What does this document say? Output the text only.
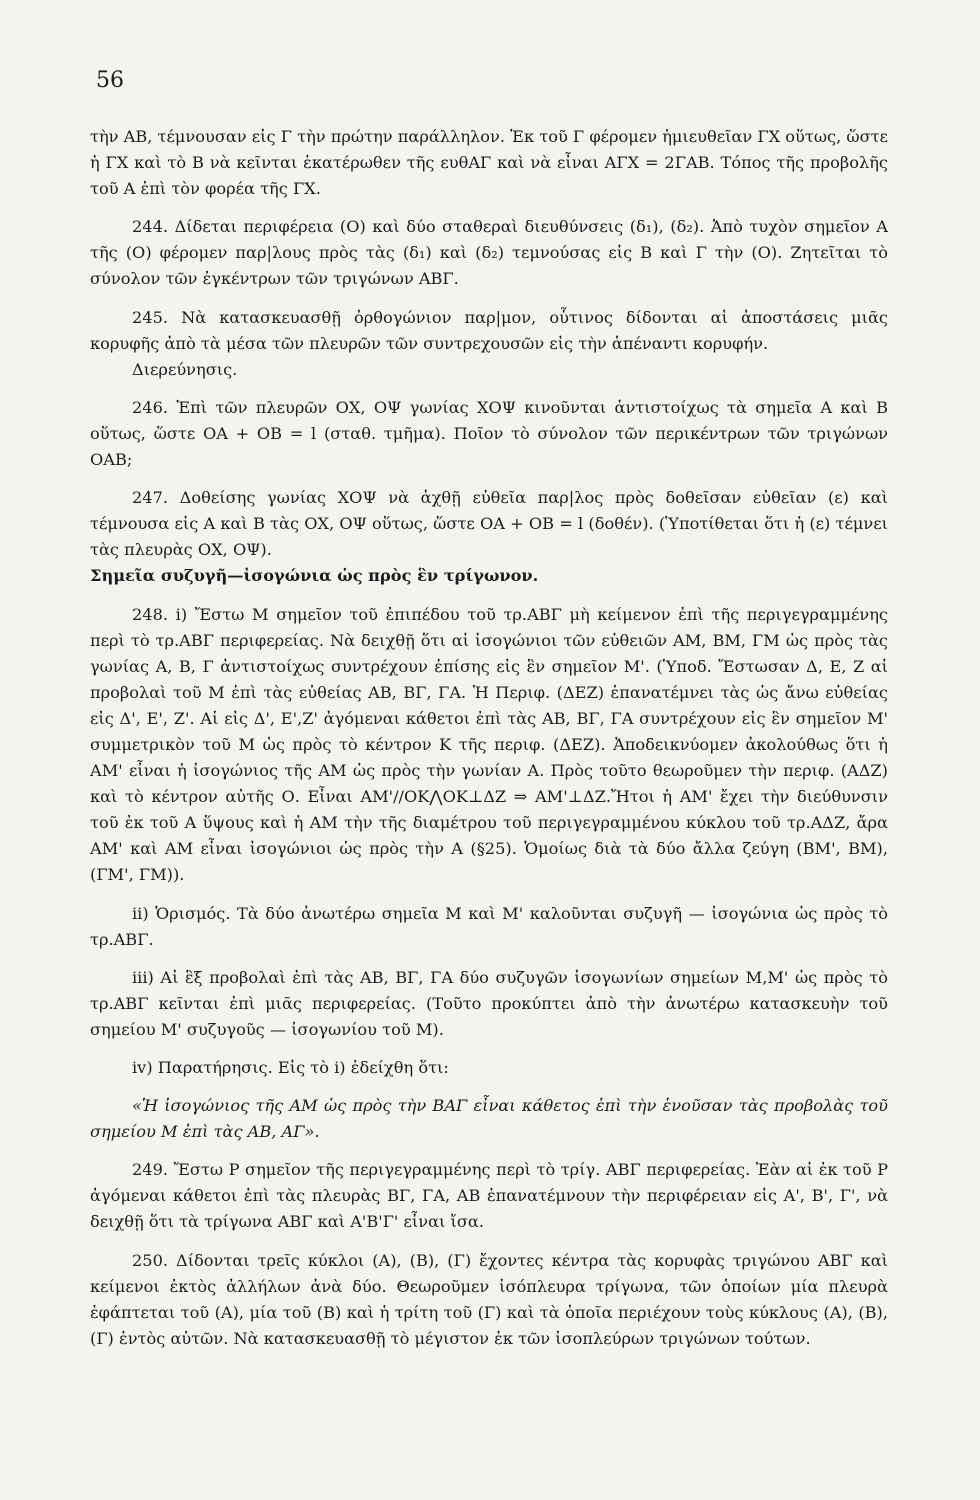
56

τὴν ΑΒ, τέμνουσαν εἰς Γ τὴν πρώτην παράλληλον. Ἐκ τοῦ Γ φέρομεν ἡμιευθεῖαν ΓΧ οὕτως, ὥστε ἡ ΓΧ καὶ τὸ Β νὰ κεῖνται ἑκατέρωθεν τῆς ευθΑΓ καὶ νὰ εἶναι ΑΓΧ = 2ΓΑΒ. Τόπος τῆς προβολῆς τοῦ Α ἐπὶ τὸν φορέα τῆς ΓΧ.

244. Δίδεται περιφέρεια (Ο) καὶ δύο σταθεραὶ διευθύνσεις (δ₁), (δ₂). Ἀπὸ τυχὸν σημεῖον Α τῆς (Ο) φέρομεν παρ|λους πρὸς τὰς (δ₁) καὶ (δ₂) τεμνούσας εἰς Β καὶ Γ τὴν (Ο). Ζητεῖται τὸ σύνολον τῶν ἐγκέντρων τῶν τριγώνων ΑΒΓ.

245. Νὰ κατασκευασθῇ ὀρθογώνιον παρ|μον, οὗτινος δίδονται αἱ ἀποστάσεις μιᾶς κορυφῆς ἀπὸ τὰ μέσα τῶν πλευρῶν τῶν συντρεχουσῶν εἰς τὴν ἀπέναντι κορυφήν.

Διερεύνησις.

246. Ἐπὶ τῶν πλευρῶν ΟΧ, ΟΨ γωνίας ΧΟΨ κινοῦνται ἀντιστοίχως τὰ σημεῖα Α καὶ Β οὕτως, ὥστε ΟΑ + ΟΒ = l (σταθ. τμῆμα). Ποῖον τὸ σύνολον τῶν περικέντρων τῶν τριγώνων ΟΑΒ;

247. Δοθείσης γωνίας ΧΟΨ νὰ ἀχθῇ εὐθεῖα παρ|λος πρὸς δοθεῖσαν εὐθεῖαν (ε) καὶ τέμνουσα εἰς Α καὶ Β τὰς ΟΧ, ΟΨ οὕτως, ὥστε ΟΑ + ΟΒ = l (δοθέν). (Ὑποτίθεται ὅτι ἡ (ε) τέμνει τὰς πλευρὰς ΟΧ, ΟΨ).

Σημεῖα συζυγῆ—ἰσογώνια ὡς πρὸς ἓν τρίγωνον.

248. i) Ἔστω Μ σημεῖον τοῦ ἐπιπέδου τοῦ τρ.ΑΒΓ μὴ κείμενον ἐπὶ τῆς περιγεγραμμένης περὶ τὸ τρ.ΑΒΓ περιφερείας. Νὰ δειχθῇ ὅτι αἱ ἰσογώνιοι τῶν εὐθειῶν ΑΜ, ΒΜ, ΓΜ ὡς πρὸς τὰς γωνίας Α, Β, Γ ἀντιστοίχως συντρέχουν ἐπίσης εἰς ἓν σημεῖον Μ'. (Ὑποδ. Ἔστωσαν Δ, Ε, Ζ αἱ προβολαὶ τοῦ Μ ἐπὶ τὰς εὐθείας ΑΒ, ΒΓ, ΓΑ. Ἡ Περιφ. (ΔΕΖ) ἐπανατέμνει τὰς ὡς ἄνω εὐθείας εἰς Δ', Ε', Ζ'. Αἱ εἰς Δ', Ε',Ζ' ἀγόμεναι κάθετοι ἐπὶ τὰς ΑΒ, ΒΓ, ΓΑ συντρέχουν εἰς ἓν σημεῖον Μ' συμμετρικὸν τοῦ Μ ὡς πρὸς τὸ κέντρον Κ τῆς περιφ. (ΔΕΖ). Ἀποδεικνύομεν ἀκολούθως ὅτι ἡ ΑΜ' εἶναι ἡ ἰσογώνιος τῆς ΑΜ ὡς πρὸς τὴν γωνίαν Α. Πρὸς τοῦτο θεωροῦμεν τὴν περιφ. (ΑΔΖ) καὶ τὸ κέντρον αὐτῆς Ο. Εἶναι ΑΜ'//ΟΚ⋀ΟΚ⊥ΔΖ ⇒ ΑΜ'⊥ΔΖ.Ἤτοι ἡ ΑΜ' ἔχει τὴν διεύθυνσιν τοῦ ἐκ τοῦ Α ὕψους καὶ ἡ ΑΜ τὴν τῆς διαμέτρου τοῦ περιγεγραμμένου κύκλου τοῦ τρ.ΑΔΖ, ἄρα ΑΜ' καὶ ΑΜ εἶναι ἰσογώνιοι ὡς πρὸς τὴν Α (§25). Ὁμοίως διὰ τὰ δύο ἄλλα ζεύγη (ΒΜ', ΒΜ), (ΓΜ', ΓΜ)).

ii) Ὁρισμός. Τὰ δύο ἀνωτέρω σημεῖα Μ καὶ Μ' καλοῦνται συζυγῆ — ἰσογώνια ὡς πρὸς τὸ τρ.ΑΒΓ.

iii) Αἱ ἓξ προβολαὶ ἐπὶ τὰς ΑΒ, ΒΓ, ΓΑ δύο συζυγῶν ἰσογωνίων σημείων Μ,Μ' ὡς πρὸς τὸ τρ.ΑΒΓ κεῖνται ἐπὶ μιᾶς περιφερείας. (Τοῦτο προκύπτει ἀπὸ τὴν ἀνωτέρω κατασκευὴν τοῦ σημείου Μ' συζυγοῦς — ἰσογωνίου τοῦ Μ).

iv) Παρατήρησις. Εἰς τὸ i) ἐδείχθη ὅτι:

«Ἡ ἰσογώνιος τῆς ΑΜ ὡς πρὸς τὴν ΒΑΓ εἶναι κάθετος ἐπὶ τὴν ἑνοῦσαν τὰς προβολὰς τοῦ σημείου Μ ἐπὶ τὰς ΑΒ, ΑΓ».

249. Ἔστω Ρ σημεῖον τῆς περιγεγραμμένης περὶ τὸ τρίγ. ΑΒΓ περιφερείας. Ἐὰν αἱ ἐκ τοῦ Ρ ἀγόμεναι κάθετοι ἐπὶ τὰς πλευρὰς ΒΓ, ΓΑ, ΑΒ ἐπανατέμνουν τὴν περιφέρειαν εἰς Α', Β', Γ', νὰ δειχθῇ ὅτι τὰ τρίγωνα ΑΒΓ καὶ Α'Β'Γ' εἶναι ἴσα.

250. Δίδονται τρεῖς κύκλοι (Α), (Β), (Γ) ἔχοντες κέντρα τὰς κορυφὰς τριγώνου ΑΒΓ καὶ κείμενοι ἐκτὸς ἀλλήλων ἀνὰ δύο. Θεωροῦμεν ἰσόπλευρα τρίγωνα, τῶν ὁποίων μία πλευρὰ ἐφάπτεται τοῦ (Α), μία τοῦ (Β) καὶ ἡ τρίτη τοῦ (Γ) καὶ τὰ ὁποῖα περιέχουν τοὺς κύκλους (Α), (Β), (Γ) ἐντὸς αὐτῶν. Νὰ κατασκευασθῇ τὸ μέγιστον ἐκ τῶν ἰσοπλεύρων τριγώνων τούτων.
